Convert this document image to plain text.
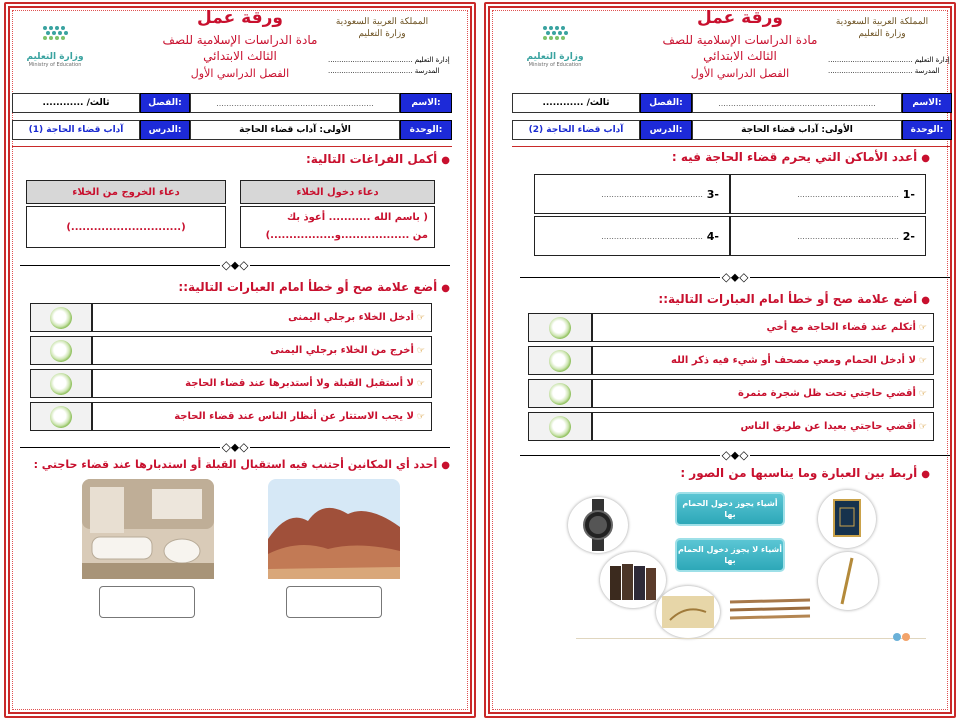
المملكة العربية السعودية
وزارة التعليم
إدارة التعليم ......................................
المدرسة ......................................
ورقة عمل
مادة الدراسات الإسلامية للصف
الثالث الابتدائي
الفصل الدراسي الأول
وزارة التعليم
Ministry of Education
الاسم:
..............................................................
الفصل:
ثالث/ ............
الوحدة:
الأولى: آداب قضاء الحاجة
الدرس:
آداب قضاء الحاجة (1)
●أكمل الفراغات التالية:
دعاء دخول الخلاء
دعاء الخروج من الخلاء
( باسم الله ........... أعوذ بك
من ..................و.................)
(.............................)
◇⬥◇
●أضع علامة صح أو خطأ امام العبارات التالية::
☞
أدخل الخلاء برجلي اليمنى
☞
أخرج من الخلاء برجلي اليمنى
☞
لا أستقبل القبلة ولا أستدبرها عند قضاء الحاجة
☞
لا يجب الاستتار عن أنظار الناس عند قضاء الحاجة
◇⬥◇
●أحدد أي المكانين أجتنب فيه استقبال القبلة أو استدبارها عند قضاء حاجتي :
المملكة العربية السعودية
وزارة التعليم
إدارة التعليم ......................................
المدرسة ......................................
ورقة عمل
مادة الدراسات الإسلامية للصف
الثالث الابتدائي
الفصل الدراسي الأول
وزارة التعليم
Ministry of Education
الاسم:
..............................................................
الفصل:
ثالث/ ............
الوحدة:
الأولى: آداب قضاء الحاجة
الدرس:
آداب قضاء الحاجة (2)
●أعدد الأماكن التي يحرم قضاء الحاجة فيه :
-1

........................................
-3

........................................
-2

........................................
-4

........................................
◇⬥◇
●أضع علامة صح أو خطأ امام العبارات التالية::
☞
أتكلم عند قضاء الحاجة مع أخي
☞
لا أدخل الحمام ومعي مصحف أو شيء فيه ذكر الله
☞
أقضي حاجتي تحت ظل شجرة مثمرة
☞
أقضي حاجتي بعيدا عن طريق الناس
◇⬥◇
●أربط بين العبارة وما يناسبها من الصور :
أشياء يجوز دخول الحمام بها
أشياء لا يجوز دخول الحمام بها
